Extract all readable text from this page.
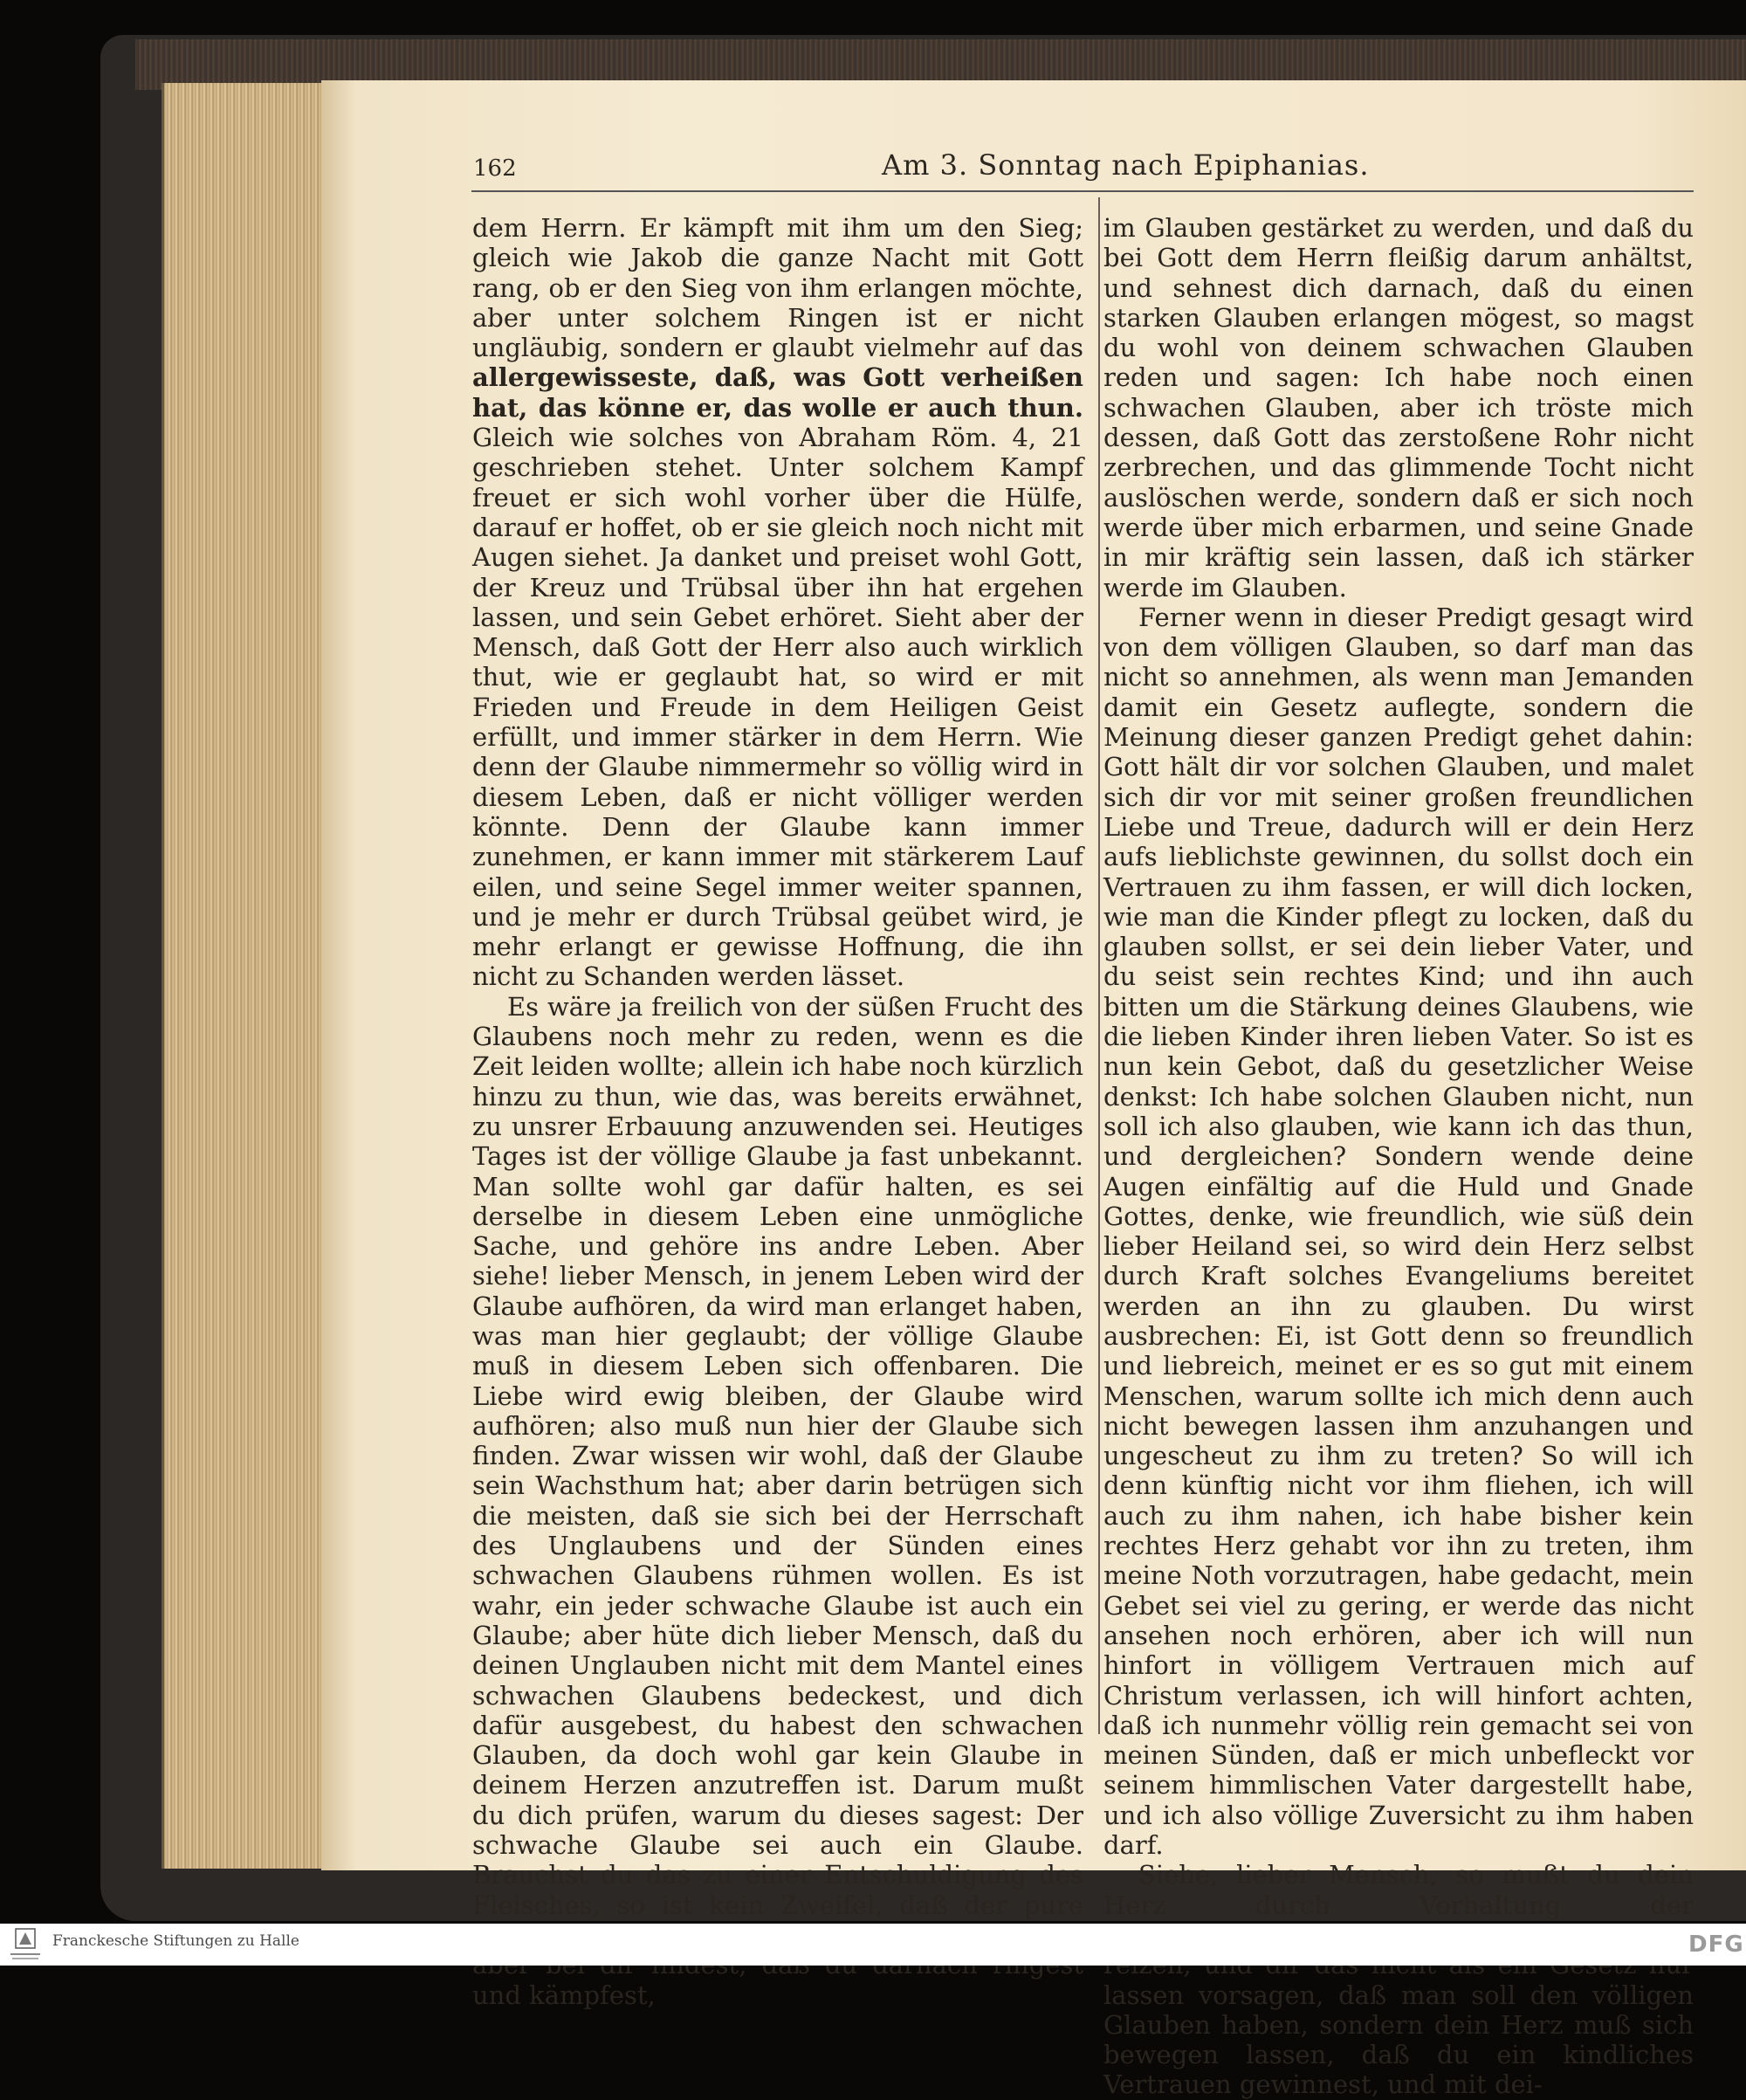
162	Am 3. Sonntag nach Epiphanias.

dem Herrn. Er kämpft mit ihm um den Sieg; gleich wie Jakob die ganze Nacht mit Gott rang, ob er den Sieg von ihm erlangen möchte, aber unter solchem Ringen ist er nicht ungläubig, sondern er glaubt vielmehr auf das allergewisseste, daß, was Gott verheißen hat, das könne er, das wolle er auch thun. Gleich wie solches von Abraham Röm. 4, 21 geschrieben stehet. Unter solchem Kampf freuet er sich wohl vorher über die Hülfe, darauf er hoffet, ob er sie gleich noch nicht mit Augen siehet. Ja danket und preiset wohl Gott, der Kreuz und Trübsal über ihn hat ergehen lassen, und sein Gebet erhöret. Sieht aber der Mensch, daß Gott der Herr also auch wirklich thut, wie er geglaubt hat, so wird er mit Frieden und Freude in dem Heiligen Geist erfüllt, und immer stärker in dem Herrn. Wie denn der Glaube nimmermehr so völlig wird in diesem Leben, daß er nicht völliger werden könnte. Denn der Glaube kann immer zunehmen, er kann immer mit stärkerem Lauf eilen, und seine Segel immer weiter spannen, und je mehr er durch Trübsal geübet wird, je mehr erlangt er gewisse Hoffnung, die ihn nicht zu Schanden werden lässet.

Es wäre ja freilich von der süßen Frucht des Glaubens noch mehr zu reden, wenn es die Zeit leiden wollte; allein ich habe noch kürzlich hinzu zu thun, wie das, was bereits erwähnet, zu unsrer Erbauung anzuwenden sei. Heutiges Tages ist der völlige Glaube ja fast unbekannt. Man sollte wohl gar dafür halten, es sei derselbe in diesem Leben eine unmögliche Sache, und gehöre ins andre Leben. Aber siehe! lieber Mensch, in jenem Leben wird der Glaube aufhören, da wird man erlanget haben, was man hier geglaubt; der völlige Glaube muß in diesem Leben sich offenbaren. Die Liebe wird ewig bleiben, der Glaube wird aufhören; also muß nun hier der Glaube sich finden. Zwar wissen wir wohl, daß der Glaube sein Wachsthum hat; aber darin betrügen sich die meisten, daß sie sich bei der Herrschaft des Unglaubens und der Sünden eines schwachen Glaubens rühmen wollen. Es ist wahr, ein jeder schwache Glaube ist auch ein Glaube; aber hüte dich lieber Mensch, daß du deinen Unglauben nicht mit dem Mantel eines schwachen Glaubens bedeckest, und dich dafür ausgebest, du habest den schwachen Glauben, da doch wohl gar kein Glaube in deinem Herzen anzutreffen ist. Darum mußt du dich prüfen, warum du dieses sagest: Der schwache Glaube sei auch ein Glaube. Brauchst du das zu einer Entschuldigung des Fleisches, so ist kein Zweifel, daß der pure und kämpfest,

im Glauben gestärket zu werden, und daß du bei Gott dem Herrn fleißig darum anhältst, und sehnest dich darnach, daß du einen starken Glauben erlangen mögest, so magst du wohl von deinem schwachen Glauben reden und sagen: Ich habe noch einen schwachen Glauben, aber ich tröste mich dessen, daß Gott das zerstoßene Rohr nicht zerbrechen, und das glimmende Tocht nicht auslöschen werde, sondern daß er sich noch werde über mich erbarmen, und seine Gnade in mir kräftig sein lassen, daß ich stärker werde im Glauben.

Ferner wenn in dieser Predigt gesagt wird von dem völligen Glauben, so darf man das nicht so annehmen, als wenn man Jemanden damit ein Gesetz auflegte, sondern die Meinung dieser ganzen Predigt gehet dahin: Gott hält dir vor solchen Glauben, und malet sich dir vor mit seiner großen freundlichen Liebe und Treue, dadurch will er dein Herz aufs lieblichste gewinnen, du sollst doch ein Vertrauen zu ihm fassen, er will dich locken, wie man die Kinder pflegt zu locken, daß du glauben sollst, er sei dein lieber Vater, und du seist sein rechtes Kind; und ihn auch bitten um die Stärkung deines Glaubens, wie die lieben Kinder ihren lieben Vater. So ist es nun kein Gebot, daß du gesetzlicher Weise denkst: Ich habe solchen Glauben nicht, nun soll ich also glauben, wie kann ich das thun, und dergleichen? Sondern wende deine Augen einfältig auf die Huld und Gnade Gottes, denke, wie freundlich, wie süß dein lieber Heiland sei, so wird dein Herz selbst durch Kraft solches Evangeliums bereitet werden an ihn zu glauben. Du wirst ausbrechen: Ei, ist Gott denn so freundlich und liebreich, meinet er es so gut mit einem Menschen, warum sollte ich mich denn auch nicht bewegen lassen ihm anzuhangen und ungescheut zu ihm zu treten? So will ich denn künftig nicht vor ihm fliehen, ich will auch zu ihm nahen, ich habe bisher kein rechtes Herz gehabt vor ihn zu treten, ihm meine Noth vorzutragen, habe gedacht, mein Gebet sei viel zu gering, er werde das nicht ansehen noch erhören, aber ich will nun hinfort in völligem Vertrauen mich auf Christum verlassen, ich will hinfort achten, daß ich nunmehr völlig rein gemacht sei von meinen Sünden, daß er mich unbefleckt vor seinem himmlischen Vater dargestellt habe, und ich also völlige Zuversicht zu ihm haben darf.

Siehe, lieber Mensch, so mußt du dein Herz durch Vorhaltung der lassen vorsagen, daß man soll den völligen Glauben haben, sondern dein Herz muß sich bewegen lassen, daß du ein kindliches Vertrauen gewinnest, und mit dei-

Franckesche Stiftungen zu Halle	DFG
